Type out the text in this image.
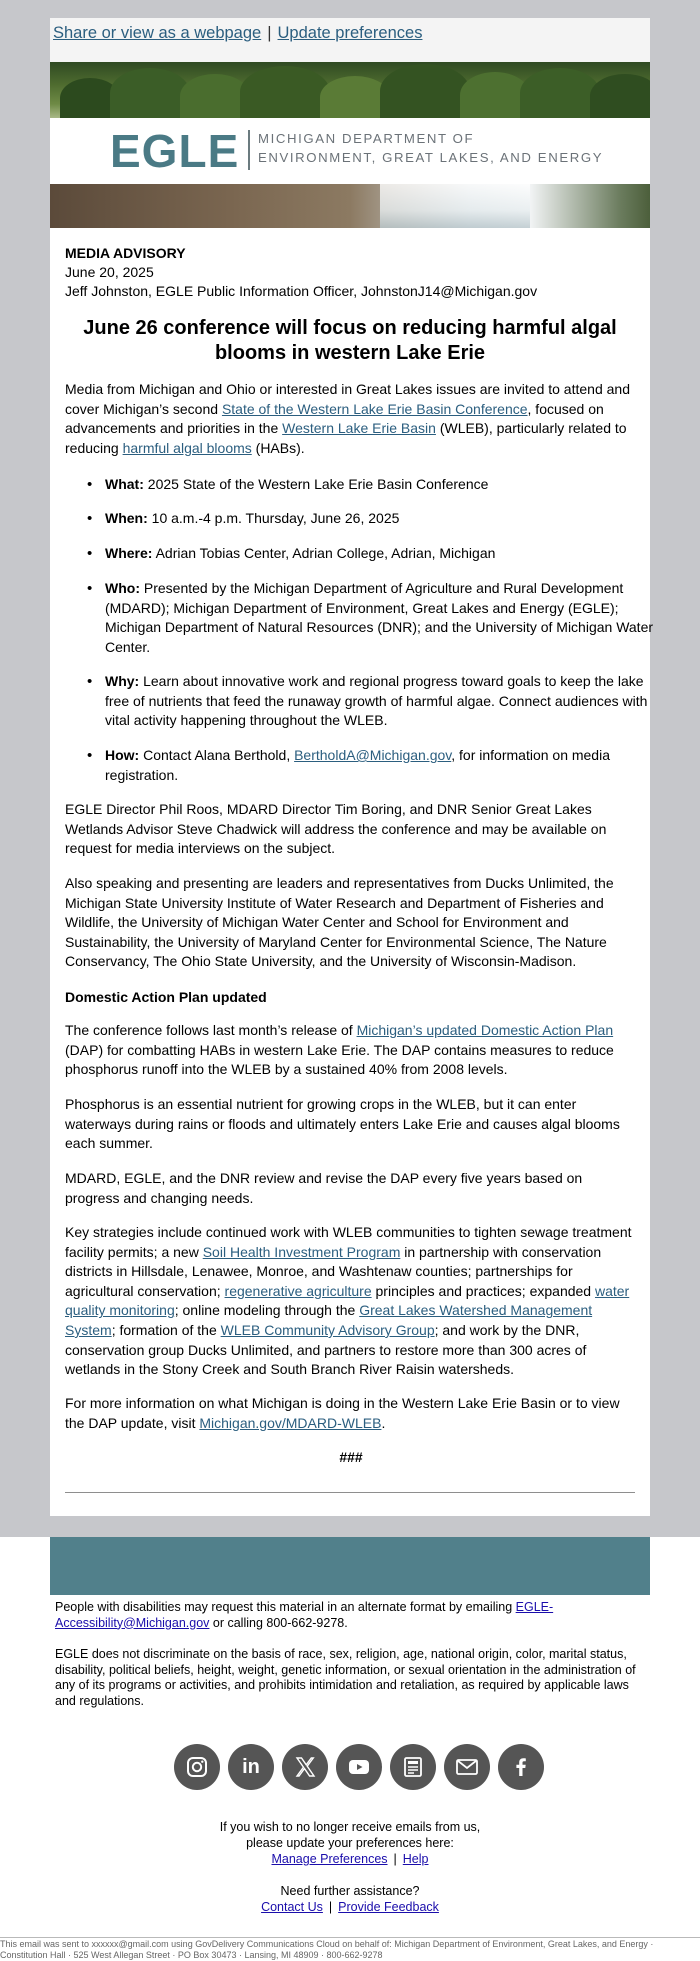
Share or view as a webpage | Update preferences
EGLE MICHIGAN DEPARTMENT OF
ENVIRONMENT, GREAT LAKES, AND ENERGY
MEDIA ADVISORY
June 20, 2025
Jeff Johnston, EGLE Public Information Officer, JohnstonJ14@Michigan.gov
June 26 conference will focus on reducing harmful algal blooms in western Lake Erie

Media from Michigan and Ohio or interested in Great Lakes issues are invited to attend and cover Michigan’s second State of the Western Lake Erie Basin Conference, focused on advancements and priorities in the Western Lake Erie Basin (WLEB), particularly related to reducing harmful algal blooms (HABs).

• What: 2025 State of the Western Lake Erie Basin Conference
• When: 10 a.m.-4 p.m. Thursday, June 26, 2025
• Where: Adrian Tobias Center, Adrian College, Adrian, Michigan
• Who: Presented by the Michigan Department of Agriculture and Rural Development (MDARD); Michigan Department of Environment, Great Lakes and Energy (EGLE); Michigan Department of Natural Resources (DNR); and the University of Michigan Water Center.
• Why: Learn about innovative work and regional progress toward goals to keep the lake free of nutrients that feed the runaway growth of harmful algae. Connect audiences with vital activity happening throughout the WLEB.
• How: Contact Alana Berthold, BertholdA@Michigan.gov, for information on media registration.

EGLE Director Phil Roos, MDARD Director Tim Boring, and DNR Senior Great Lakes Wetlands Advisor Steve Chadwick will address the conference and may be available on request for media interviews on the subject.

Also speaking and presenting are leaders and representatives from Ducks Unlimited, the Michigan State University Institute of Water Research and Department of Fisheries and Wildlife, the University of Michigan Water Center and School for Environment and Sustainability, the University of Maryland Center for Environmental Science, The Nature Conservancy, The Ohio State University, and the University of Wisconsin-Madison.

Domestic Action Plan updated

The conference follows last month’s release of Michigan’s updated Domestic Action Plan (DAP) for combatting HABs in western Lake Erie. The DAP contains measures to reduce phosphorus runoff into the WLEB by a sustained 40% from 2008 levels.

Phosphorus is an essential nutrient for growing crops in the WLEB, but it can enter waterways during rains or floods and ultimately enters Lake Erie and causes algal blooms each summer.

MDARD, EGLE, and the DNR review and revise the DAP every five years based on progress and changing needs.

Key strategies include continued work with WLEB communities to tighten sewage treatment facility permits; a new Soil Health Investment Program in partnership with conservation districts in Hillsdale, Lenawee, Monroe, and Washtenaw counties; partnerships for agricultural conservation; regenerative agriculture principles and practices; expanded water quality monitoring; online modeling through the Great Lakes Watershed Management System; formation of the WLEB Community Advisory Group; and work by the DNR, conservation group Ducks Unlimited, and partners to restore more than 300 acres of wetlands in the Stony Creek and South Branch River Raisin watersheds.

For more information on what Michigan is doing in the Western Lake Erie Basin or to view the DAP update, visit Michigan.gov/MDARD-WLEB.

###

People with disabilities may request this material in an alternate format by emailing EGLE-Accessibility@Michigan.gov or calling 800-662-9278.

EGLE does not discriminate on the basis of race, sex, religion, age, national origin, color, marital status, disability, political beliefs, height, weight, genetic information, or sexual orientation in the administration of any of its programs or activities, and prohibits intimidation and retaliation, as required by applicable laws and regulations.

in

If you wish to no longer receive emails from us,

please update your preferences here:

Manage Preferences | Help

Need further assistance?

Contact Us | Provide Feedback

This email was sent to xxxxxx@gmail.com using GovDelivery Communications Cloud on behalf of: Michigan Department of Environment, Great Lakes, and Energy · Constitution Hall · 525 West Allegan Street · PO Box 30473 · Lansing, MI 48909 · 800-662-9278
